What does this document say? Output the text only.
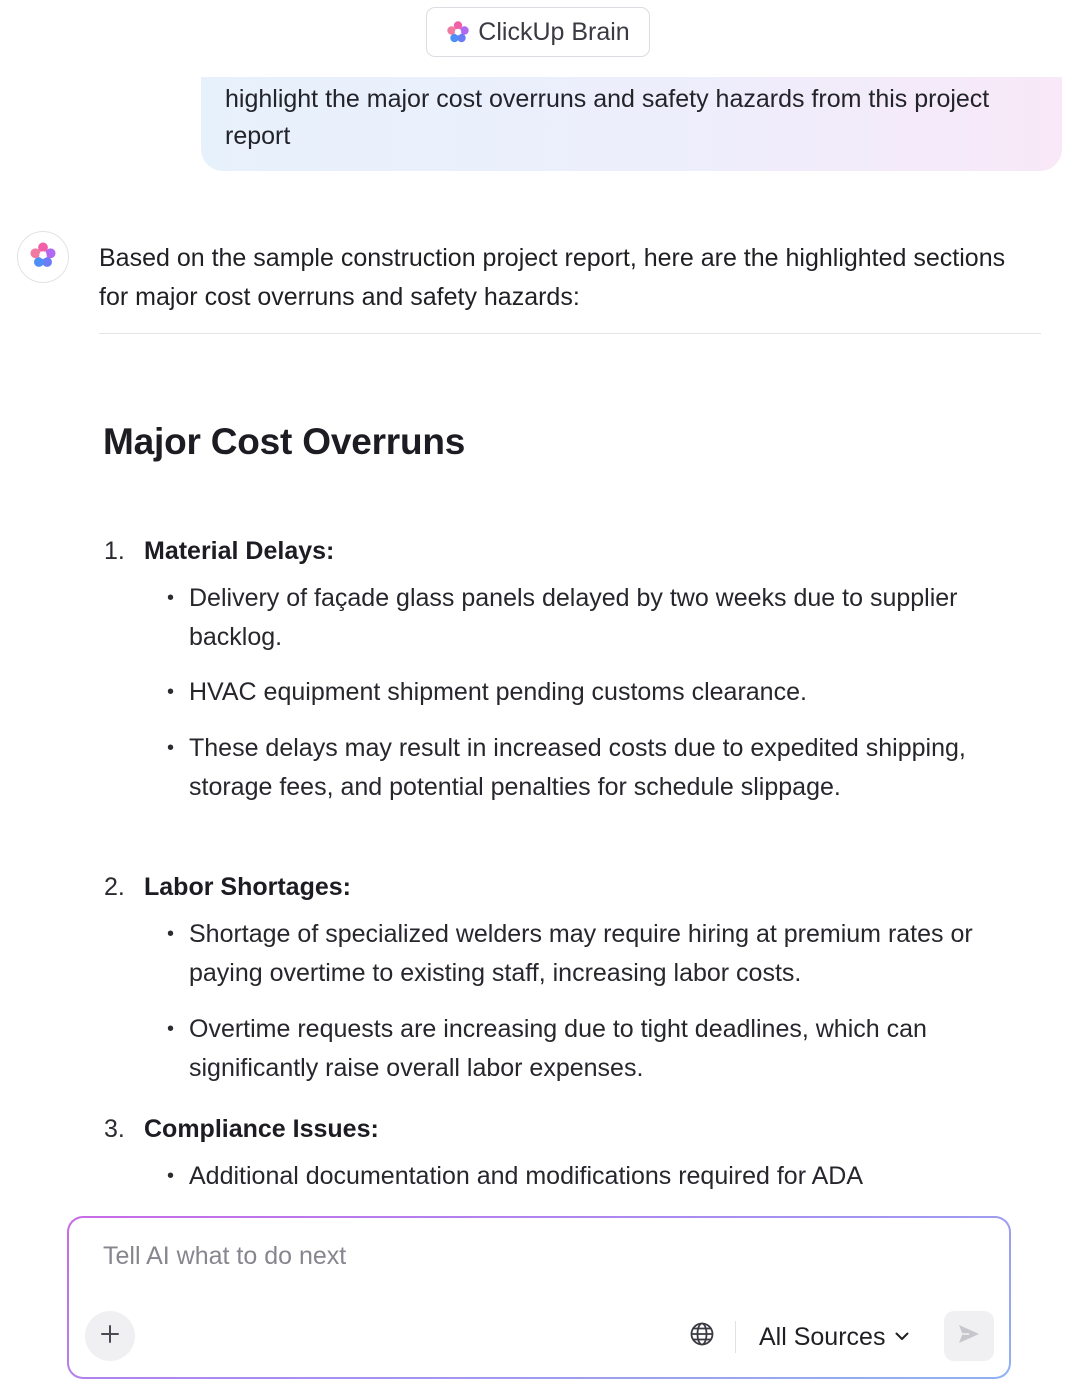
ClickUp Brain
highlight the major cost overruns and safety hazards from this project report

Based on the sample construction project report, here are the highlighted sections for major cost overruns and safety hazards:

Major Cost Overruns
1. Material Delays:
• Delivery of façade glass panels delayed by two weeks due to supplier backlog.
• HVAC equipment shipment pending customs clearance.
• These delays may result in increased costs due to expedited shipping, storage fees, and potential penalties for schedule slippage.
2. Labor Shortages:
• Shortage of specialized welders may require hiring at premium rates or paying overtime to existing staff, increasing labor costs.
• Overtime requests are increasing due to tight deadlines, which can significantly raise overall labor expenses.
3. Compliance Issues:
• Additional documentation and modifications required for ADA
Tell AI what to do next
All Sources
